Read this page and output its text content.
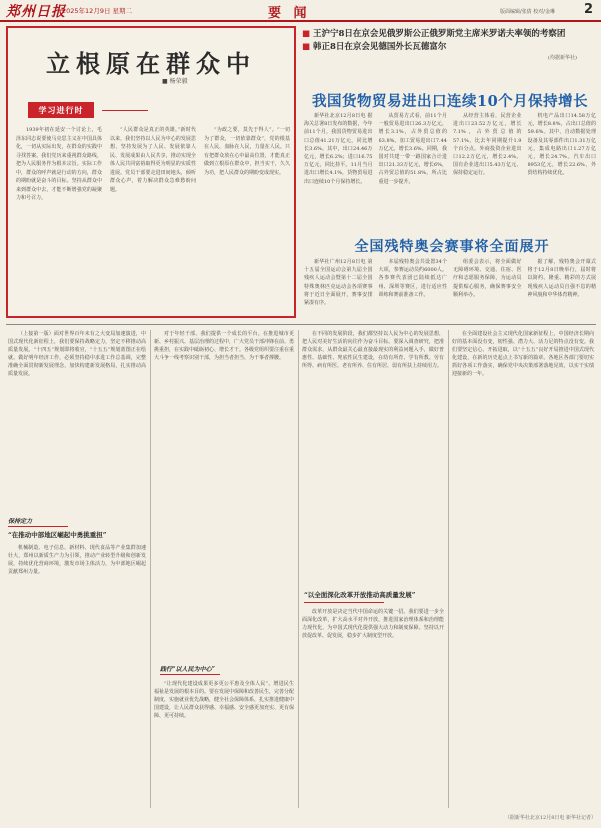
郑州日报
2025年12月9日 星期二	要 闻	版面编辑/张倩 校对/金琳 2
立根原在群众中
■ 杨荣毅
学习进行时
1939年初在延安一个讨论上，毛泽东同志说要使马克思主义在中国具体化，一切从实际出发，在群众的实践中寻找答案。我们党历来重视群众路线，把为人民服务作为根本宗旨。实际工作中，群众的呼声就是行动的方向，群众的期盼就是奋斗的目标。坚持从群众中来到群众中去，才能不断增强党的凝聚力和号召力。
“人民群众是真正的英雄。”新时代以来，我们坚持以人民为中心的发展思想，坚持发展为了人民、发展依靠人民、发展成果由人民共享，推动实现全体人民共同富裕取得更为明显的实质性进展。党员干部要走进田间地头，倾听群众心声，着力解决群众急难愁盼问题。
“为政之要，莫先于得人”。“一切为了群众，一切依靠群众”，党的根基在人民，血脉在人民，力量在人民。只有把群众放在心中最高位置，才能真正做到立根原在群众中，担当实干，久久为功，把人民群众的期盼变成现实。
■ 王沪宁8日在京会见俄罗斯公正俄罗斯党主席米罗诺夫率领的考察团
■ 韩正8日在京会见德国外长瓦德富尔
(均据新华社)
我国货物贸易进出口连续10个月保持增长
新华社北京12月8日电 据海关总署8日发布的数据，今年前11个月，我国货物贸易进出口总值41.21万亿元，同比增长3.6%。其中，出口24.46万亿元，增长6.2%；进口16.75万亿元，同比持平。11月当月进出口增长4.1%，货物贸易进出口连续10个月保持增长。
从贸易方式看，前11个月一般贸易进出口26.3万亿元，增长3.1%，占外贸总值的63.8%。加工贸易进出口7.44万亿元，增长3.6%。同期，我国对共建一带一路国家合计进出口21.33万亿元，增长6%，占外贸总值的51.8%，所占比重进一步提升。
从经营主体看，民营企业进出口23.52万亿元，增长7.1%，占外贸总值的57.1%，比去年同期提升1.9个百分点。外商投资企业进出口12.2万亿元，增长2.4%。国有企业进出口5.43万亿元，保持稳定运行。
机电产品出口14.58万亿元，增长8.8%，占出口总值的59.6%。其中，自动数据处理设备及其零部件出口1.31万亿元，集成电路出口1.27万亿元，增长24.7%。汽车出口8953亿元，增长22.6%，外贸结构持续优化。
全国残特奥会赛事将全面展开
新华社广州12月8日电 第十五届全国运动会第九届全国残疾人运动会暨第十二届全国特殊奥林匹克运动会各项赛事将于近日全面展开，赛事安排紧凑有序。
本届残特奥会共设置34个大项，参赛运动员约6000人。各参赛代表团已陆续抵达广州、深圳等赛区，进行适应性训练和赛前准备工作。
组委会表示，将全面做好无障碍环境、交通、住宿、医疗和志愿服务保障，为运动员提供贴心服务，确保赛事安全顺利举办。
据了解，残特奥会开幕式将于12月8日晚举行，届时将以简约、隆重、精彩的方式展现残疾人运动员自强不息的精神风貌和中华体育精神。
（上接第一版）面对世界百年未有之大变局加速演进，中国式现代化新征程上，我们要保持战略定力，坚定不移推动高质量发展。“十四五”规划即将收官，“十五五”规划蓝图正在绘就。做好明年经济工作，必须坚持稳中求进工作总基调，完整准确全面贯彻新发展理念，加快构建新发展格局，扎实推动高质量发展。
保持定力
“在推动中部地区崛起中勇挑重担”
机械制造、电子信息、新材料、现代食品等产业集群加速壮大，郑州以新质生产力为引领，推动产业转型升级和创新发展，持续优化营商环境，激发市场主体活力，为中部地区崛起贡献郑州力量。
对于年轻干部，我们提供一个成长的平台。在推进城市更新、乡村振兴、基层治理的过程中，广大党员干部冲锋在前、勇挑重担，在实践中砥砺初心、增长才干。各级党组织要注重在重大斗争一线考察识别干部，为担当者担当、为干事者撑腰。
践行“以人民为中心”
“让现代化建设成果更多更公平惠及全体人民”。增进民生福祉是发展的根本目的。要在发展中保障和改善民生，完善分配制度，实施就业优先战略，健全社会保障体系，扎实推进健康中国建设，让人民群众获得感、幸福感、安全感更加充实、更有保障、更可持续。
在不同的发展阶段，我们都坚持以人民为中心的发展思想，把人民对美好生活的向往作为奋斗目标。要深入调查研究，把准群众需求，从群众最关心最直接最现实的利益问题入手，做好普惠性、基础性、兜底性民生建设，在幼有所育、学有所教、劳有所得、病有所医、老有所养、住有所居、弱有所扶上持续用力。
“以全面深化改革开放推动高质量发展”
改革开放是决定当代中国命运的关键一招。我们要进一步全面深化改革，扩大高水平对外开放，推进国家治理体系和治理能力现代化，为中国式现代化提供强大动力和制度保障。坚持以开放促改革、促发展，稳步扩大制度型开放。
在全面建设社会主义现代化国家新征程上，中国经济长期向好的基本面没有变，韧性强、潜力大、活力足的特点没有变。我们要坚定信心、开拓进取，以“十五五”良好开局推进中国式现代化建设，在新的历史起点上书写新的篇章。各地区各部门要切实抓好各项工作落实，确保党中央决策部署落地见效，以实干实绩迎接新的一年。
（据新华社北京12月8日电 新华社记者）
